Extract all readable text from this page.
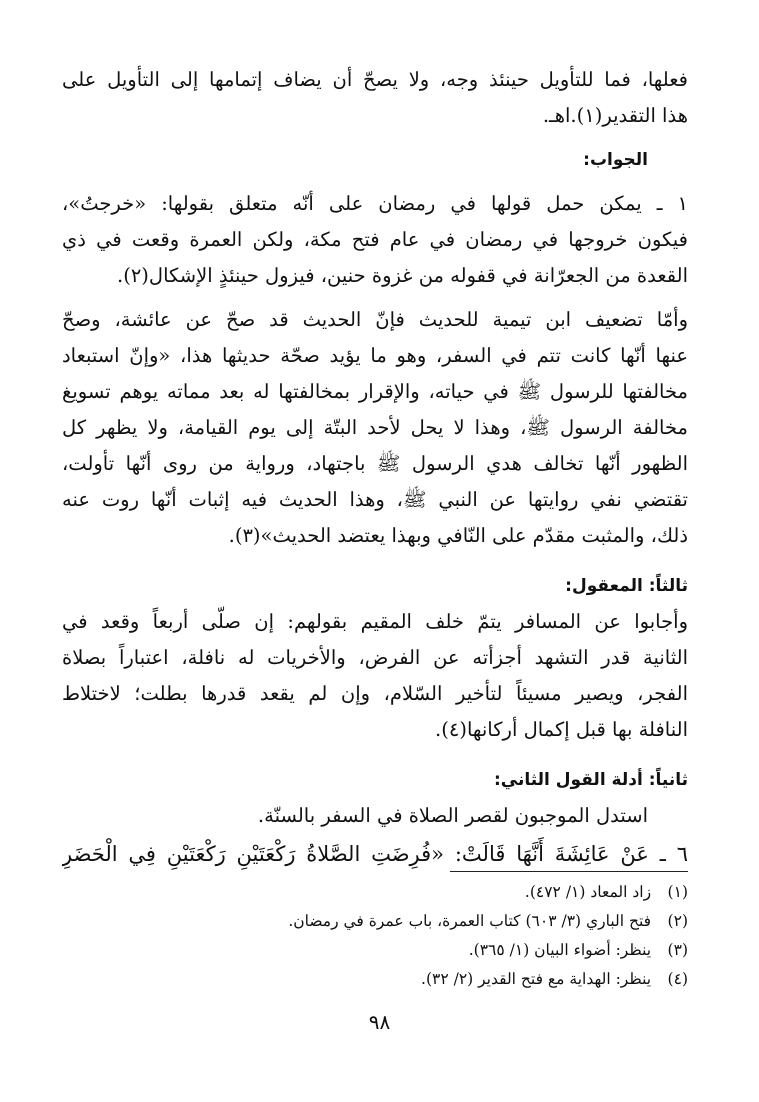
فعلها، فما للتأويل حينئذ وجه، ولا يصحّ أن يضاف إتمامها إلى التأويل على
هذا التقدير(١).اهـ.
الجواب:
١ ـ يمكن حمل قولها في رمضان على أنّه متعلق بقولها: «خرجتُ»،
فيكون خروجها في رمضان في عام فتح مكة، ولكن العمرة وقعت في ذي
القعدة من الجعرّانة في قفوله من غزوة حنين، فيزول حينئذٍ الإشكال(٢).
وأمّا تضعيف ابن تيمية للحديث فإنّ الحديث قد صحّ عن عائشة، وصحّ
عنها أنّها كانت تتم في السفر، وهو ما يؤيد صحّة حديثها هذا، «وإنّ استبعاد
مخالفتها للرسول ﷺ في حياته، والإقرار بمخالفتها له بعد مماته يوهم تسويغ
مخالفة الرسول ﷺ، وهذا لا يحل لأحد البتّة إلى يوم القيامة، ولا يظهر كل
الظهور أنّها تخالف هدي الرسول ﷺ باجتهاد، ورواية من روى أنّها تأولت،
تقتضي نفي روايتها عن النبي ﷺ، وهذا الحديث فيه إثبات أنّها روت عنه
ذلك، والمثبت مقدّم على النّافي وبهذا يعتضد الحديث»(٣).
ثالثاً: المعقول:
وأجابوا عن المسافر يتمّ خلف المقيم بقولهم: إن صلّى أربعاً وقعد في
الثانية قدر التشهد أجزأته عن الفرض، والأخريات له نافلة، اعتباراً بصلاة
الفجر، ويصير مسيئاً لتأخير السّلام، وإن لم يقعد قدرها بطلت؛ لاختلاط
النافلة بها قبل إكمال أركانها(٤).
ثانياً: أدلة القول الثاني:
استدل الموجبون لقصر الصلاة في السفر بالسنّة.
٦ ـ عَنْ عَائِشَةَ أَنَّهَا قَالَتْ: «فُرِضَتِ الصَّلاةُ رَكْعَتَيْنِ رَكْعَتَيْنِ فِي الْحَضَرِ
(١) زاد المعاد (١/ ٤٧٢).
(٢) فتح الباري (٣/ ٦٠٣) كتاب العمرة، باب عمرة في رمضان.
(٣) ينظر: أضواء البيان (١/ ٣٦٥).
(٤) ينظر: الهداية مع فتح القدير (٢/ ٣٢).
٩٨
